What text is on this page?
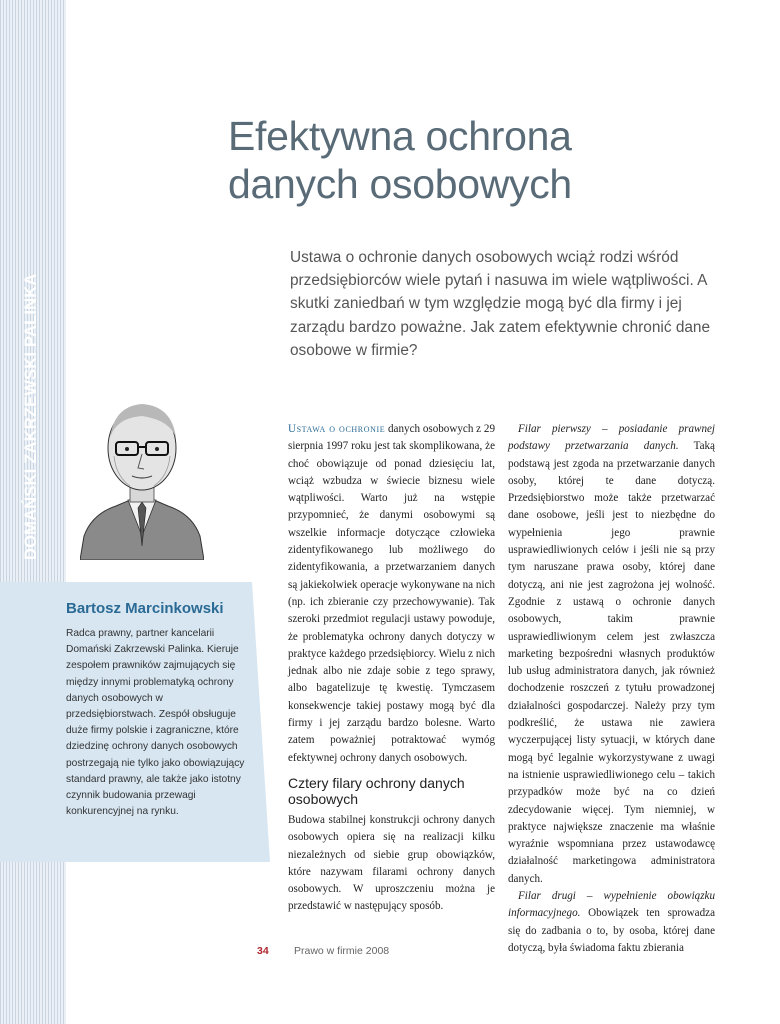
DOMAŃSKI ZAKRZEWSKI PALINKA
Efektywna ochrona
danych osobowych

Ustawa o ochronie danych osobowych wciąż rodzi wśród przedsiębiorców wiele pytań i nasuwa im wiele wątpliwości. A skutki zaniedbań w tym względzie mogą być dla firmy i jej zarządu bardzo poważne. Jak zatem efektywnie chronić dane osobowe w firmie?

Bartosz Marcinkowski

Radca prawny, partner kancelarii Domański Zakrzewski Palinka. Kieruje zespołem prawników zajmujących się między innymi problematyką ochrony danych osobowych w przedsiębiorstwach. Zespół obsługuje duże firmy polskie i zagraniczne, które dziedzinę ochrony danych osobowych postrzegają nie tylko jako obowiązujący standard prawny, ale także jako istotny czynnik budowania przewagi konkurencyjnej na rynku.

Ustawa o ochronie danych osobowych z 29 sierpnia 1997 roku jest tak skomplikowana, że choć obowiązuje od ponad dziesięciu lat, wciąż wzbudza w świecie biznesu wiele wątpliwości. Warto już na wstępie przypomnieć, że danymi osobowymi są wszelkie informacje dotyczące człowieka zidentyfikowanego lub możliwego do zidentyfikowania, a przetwarzaniem danych są jakiekolwiek operacje wykonywane na nich (np. ich zbieranie czy przechowywanie). Tak szeroki przedmiot regulacji ustawy powoduje, że problematyka ochrony danych dotyczy w praktyce każdego przedsiębiorcy. Wielu z nich jednak albo nie zdaje sobie z tego sprawy, albo bagatelizuje tę kwestię. Tymczasem konsekwencje takiej postawy mogą być dla firmy i jej zarządu bardzo bolesne. Warto zatem poważniej potraktować wymóg efektywnej ochrony danych osobowych.

Cztery filary ochrony danych osobowych

Budowa stabilnej konstrukcji ochrony danych osobowych opiera się na realizacji kilku niezależnych od siebie grup obowiązków, które nazywam filarami ochrony danych osobowych. W uproszczeniu można je przedstawić w następujący sposób.

Filar pierwszy – posiadanie prawnej podstawy przetwarzania danych. Taką podstawą jest zgoda na przetwarzanie danych osoby, której te dane dotyczą. Przedsiębiorstwo może także przetwarzać dane osobowe, jeśli jest to niezbędne do wypełnienia jego prawnie usprawiedliwionych celów i jeśli nie są przy tym naruszane prawa osoby, której dane dotyczą, ani nie jest zagrożona jej wolność. Zgodnie z ustawą o ochronie danych osobowych, takim prawnie usprawiedliwionym celem jest zwłaszcza marketing bezpośredni własnych produktów lub usług administratora danych, jak również dochodzenie roszczeń z tytułu prowadzonej działalności gospodarczej. Należy przy tym podkreślić, że ustawa nie zawiera wyczerpującej listy sytuacji, w których dane mogą być legalnie wykorzystywane z uwagi na istnienie usprawiedliwionego celu – takich przypadków może być na co dzień zdecydowanie więcej. Tym niemniej, w praktyce największe znaczenie ma właśnie wyraźnie wspomniana przez ustawodawcę działalność marketingowa administratora danych.

Filar drugi – wypełnienie obowiązku informacyjnego. Obowiązek ten sprowadza się do zadbania o to, by osoba, której dane dotyczą, była świadoma faktu zbierania

34 Prawo w firmie 2008
